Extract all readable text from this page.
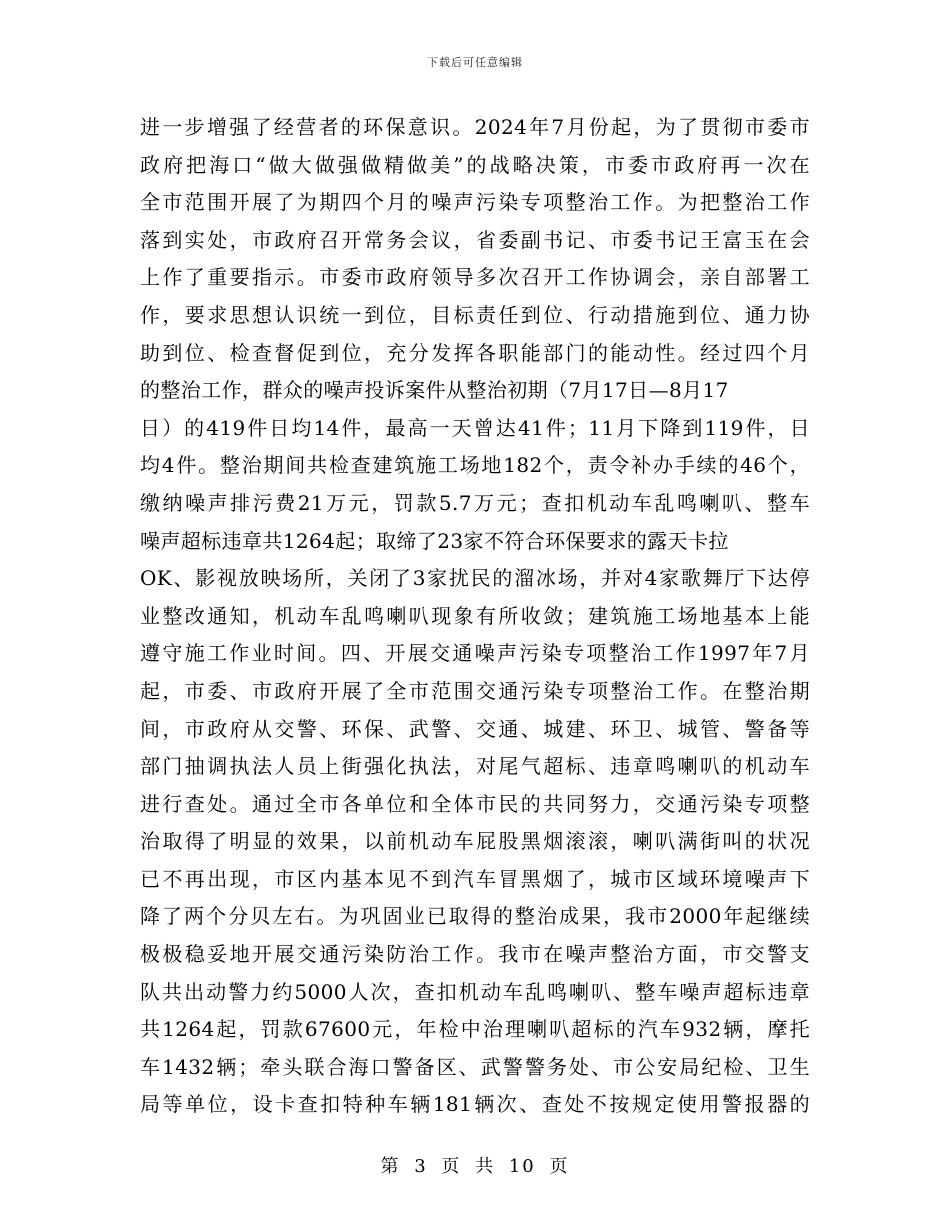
下载后可任意编辑
进一步增强了经营者的环保意识。2024年7月份起，为了贯彻市委市
政府把海口“做大做强做精做美”的战略决策，市委市政府再一次在
全市范围开展了为期四个月的噪声污染专项整治工作。为把整治工作
落到实处，市政府召开常务会议，省委副书记、市委书记王富玉在会
上作了重要指示。市委市政府领导多次召开工作协调会，亲自部署工
作，要求思想认识统一到位，目标责任到位、行动措施到位、通力协
助到位、检查督促到位，充分发挥各职能部门的能动性。经过四个月
的整治工作，群众的噪声投诉案件从整治初期（7月17日—8月17
日）的419件日均14件，最高一天曾达41件；11月下降到119件，日
均4件。整治期间共检查建筑施工场地182个，责令补办手续的46个，
缴纳噪声排污费21万元，罚款5.7万元；查扣机动车乱鸣喇叭、整车
噪声超标违章共1264起；取缔了23家不符合环保要求的露天卡拉
OK、影视放映场所，关闭了3家扰民的溜冰场，并对4家歌舞厅下达停
业整改通知，机动车乱鸣喇叭现象有所收敛；建筑施工场地基本上能
遵守施工作业时间。四、开展交通噪声污染专项整治工作1997年7月
起，市委、市政府开展了全市范围交通污染专项整治工作。在整治期
间，市政府从交警、环保、武警、交通、城建、环卫、城管、警备等
部门抽调执法人员上街强化执法，对尾气超标、违章鸣喇叭的机动车
进行查处。通过全市各单位和全体市民的共同努力，交通污染专项整
治取得了明显的效果，以前机动车屁股黑烟滚滚，喇叭满街叫的状况
已不再出现，市区内基本见不到汽车冒黑烟了，城市区域环境噪声下
降了两个分贝左右。为巩固业已取得的整治成果，我市2000年起继续
极极稳妥地开展交通污染防治工作。我市在噪声整治方面，市交警支
队共出动警力约5000人次，查扣机动车乱鸣喇叭、整车噪声超标违章
共1264起，罚款67600元，年检中治理喇叭超标的汽车932辆，摩托
车1432辆；牵头联合海口警备区、武警警务处、市公安局纪检、卫生
局等单位，设卡查扣特种车辆181辆次、查处不按规定使用警报器的
第 3 页 共 10 页
